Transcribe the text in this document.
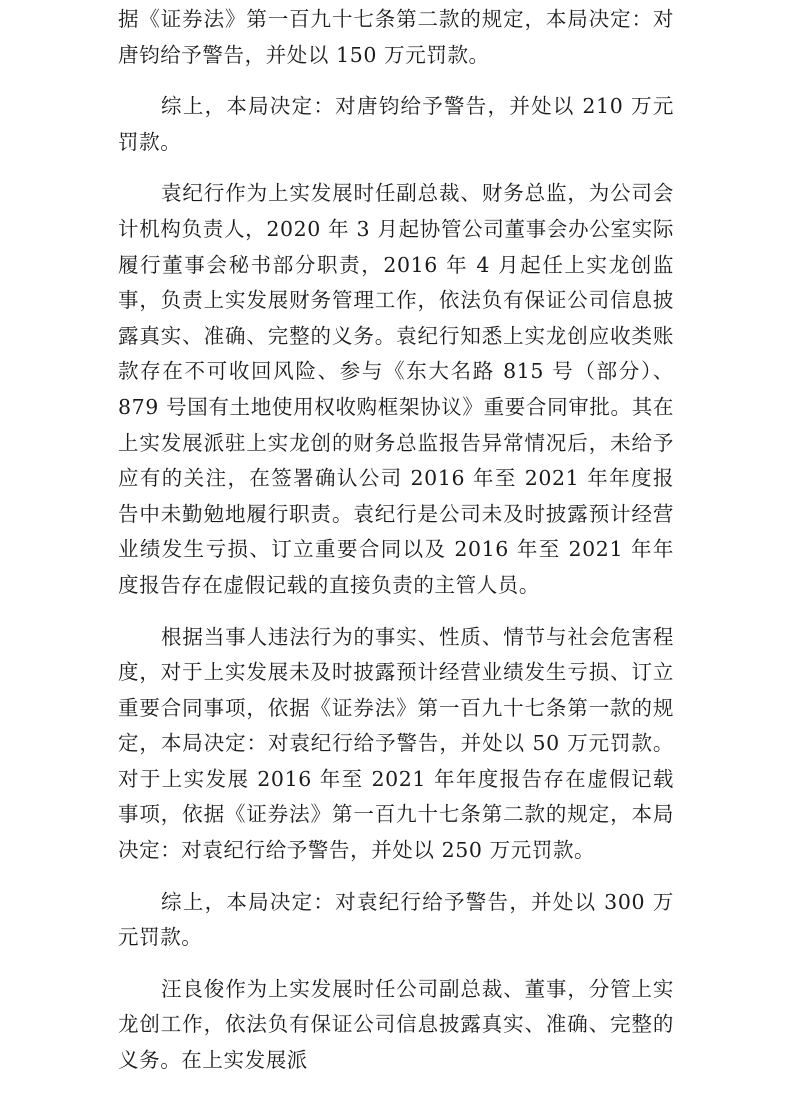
据《证券法》第一百九十七条第二款的规定，本局决定：对唐钧给予警告，并处以 150 万元罚款。

综上，本局决定：对唐钧给予警告，并处以 210 万元罚款。

袁纪行作为上实发展时任副总裁、财务总监，为公司会计机构负责人，2020 年 3 月起协管公司董事会办公室实际履行董事会秘书部分职责，2016 年 4 月起任上实龙创监事，负责上实发展财务管理工作，依法负有保证公司信息披露真实、准确、完整的义务。袁纪行知悉上实龙创应收类账款存在不可收回风险、参与《东大名路 815 号（部分）、879 号国有土地使用权收购框架协议》重要合同审批。其在上实发展派驻上实龙创的财务总监报告异常情况后，未给予应有的关注，在签署确认公司 2016 年至 2021 年年度报告中未勤勉地履行职责。袁纪行是公司未及时披露预计经营业绩发生亏损、订立重要合同以及 2016 年至 2021 年年度报告存在虚假记载的直接负责的主管人员。

根据当事人违法行为的事实、性质、情节与社会危害程度，对于上实发展未及时披露预计经营业绩发生亏损、订立重要合同事项，依据《证券法》第一百九十七条第一款的规定，本局决定：对袁纪行给予警告，并处以 50 万元罚款。对于上实发展 2016 年至 2021 年年度报告存在虚假记载事项，依据《证券法》第一百九十七条第二款的规定，本局决定：对袁纪行给予警告，并处以 250 万元罚款。

综上，本局决定：对袁纪行给予警告，并处以 300 万元罚款。

汪良俊作为上实发展时任公司副总裁、董事，分管上实龙创工作，依法负有保证公司信息披露真实、准确、完整的义务。在上实发展派
